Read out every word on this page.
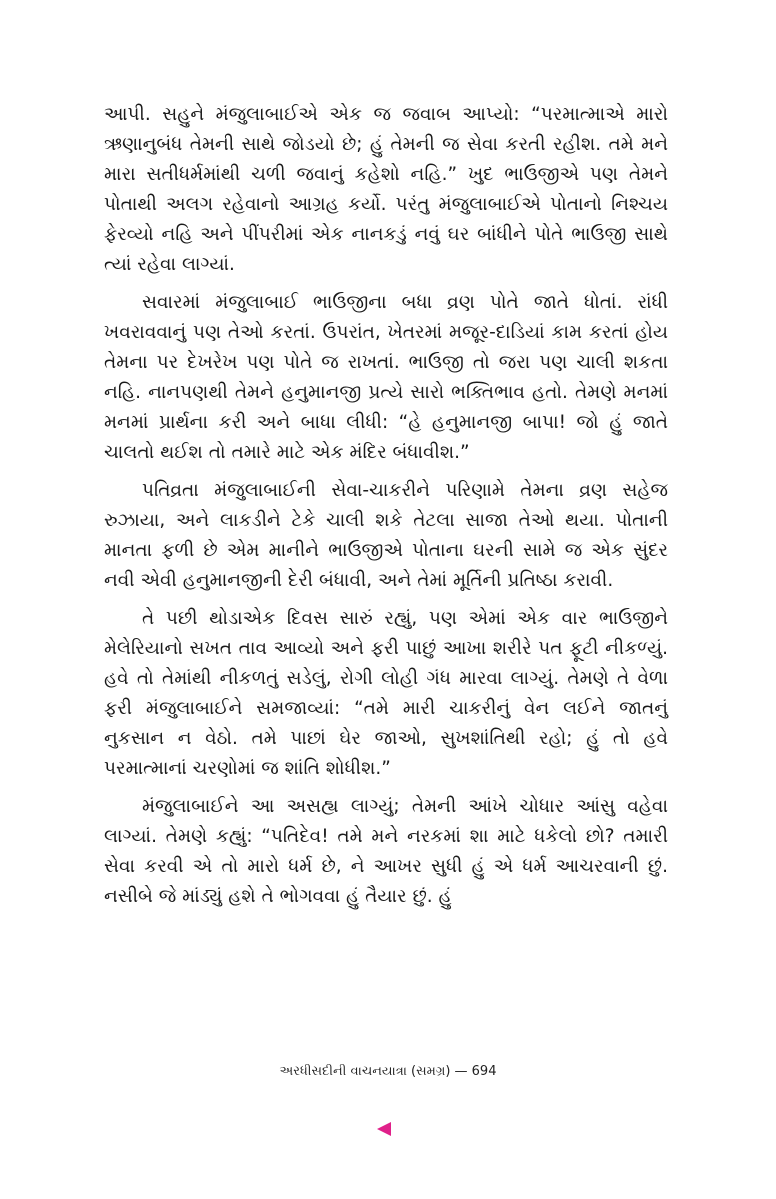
આપી. સહુને મંજુલાબાઈએ એક જ જવાબ આપ્યો: “પરમાત્માએ મારો ઋણાનુબંધ તેમની સાથે જોડયો છે; હું તેમની જ સેવા કરતી રહીશ. તમે મને મારા સતીધર્મમાંથી ચળી જવાનું કહેશો નહિ.” ખુદ ભાઉજીએ પણ તેમને પોતાથી અલગ રહેવાનો આગ્રહ કર્યો. પરંતુ મંજુલાબાઈએ પોતાનો નિશ્ચય ફેરવ્યો નહિ અને પીંપરીમાં એક નાનકડું નવું ઘર બાંધીને પોતે ભાઉજી સાથે ત્યાં રહેવા લાગ્યાં.

સવારમાં મંજુલાબાઈ ભાઉજીના બધા વ્રણ પોતે જાતે ધોતાં. રાંધી ખવરાવવાનું પણ તેઓ કરતાં. ઉપરાંત, ખેતરમાં મજૂર-દાડિયાં કામ કરતાં હોય તેમના પર દેખરેખ પણ પોતે જ રાખતાં. ભાઉજી તો જરા પણ ચાલી શકતા નહિ. નાનપણથી તેમને હનુમાનજી પ્રત્યે સારો ભક્તિભાવ હતો. તેમણે મનમાં મનમાં પ્રાર્થના કરી અને બાધા લીધી: “હે હનુમાનજી બાપા! જો હું જાતે ચાલતો થઈશ તો તમારે માટે એક મંદિર બંધાવીશ.”

પતિવ્રતા મંજુલાબાઈની સેવા-ચાકરીને પરિણામે તેમના વ્રણ સહેજ રુઝાયા, અને લાકડીને ટેકે ચાલી શકે તેટલા સાજા તેઓ થયા. પોતાની માનતા ફળી છે એમ માનીને ભાઉજીએ પોતાના ઘરની સામે જ એક સુંદર નવી એવી હનુમાનજીની દેરી બંધાવી, અને તેમાં મૂર્તિની પ્રતિષ્ઠા કરાવી.

તે પછી થોડાએક દિવસ સારું રહ્યું, પણ એમાં એક વાર ભાઉજીને મેલેરિયાનો સખત તાવ આવ્યો અને ફરી પાછું આખા શરીરે પત ફૂટી નીકળ્યું. હવે તો તેમાંથી નીકળતું સડેલું, રોગી લોહી ગંધ મારવા લાગ્યું. તેમણે તે વેળા ફરી મંજુલાબાઈને સમજાવ્યાં: “તમે મારી ચાકરીનું વેન લઈને જાતનું નુકસાન ન વેઠો. તમે પાછાં ઘેર જાઓ, સુખશાંતિથી રહો; હું તો હવે પરમાત્માનાં ચરણોમાં જ શાંતિ શોધીશ.”

મંજુલાબાઈને આ અસહ્ય લાગ્યું; તેમની આંખે ચોધાર આંસુ વહેવા લાગ્યાં. તેમણે કહ્યું: “પતિદેવ! તમે મને નરકમાં શા માટે ધકેલો છો? તમારી સેવા કરવી એ તો મારો ધર્મ છે, ને આખર સુધી હું એ ધર્મ આચરવાની છું. નસીબે જે માંડ્યું હશે તે ભોગવવા હું તૈયાર છું. હું

અરધીસદીની વાચનયાત્રા (સમગ્ર) — 694
